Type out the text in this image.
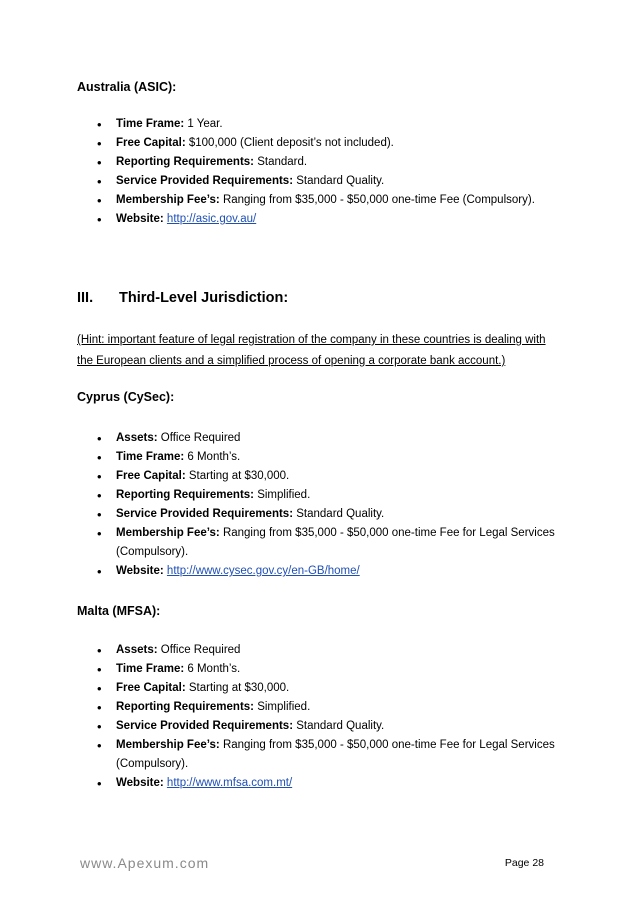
Australia (ASIC):
• Time Frame: 1 Year.
• Free Capital: $100,000 (Client deposit’s not included).
• Reporting Requirements: Standard.
• Service Provided Requirements: Standard Quality.
• Membership Fee’s: Ranging from $35,000 - $50,000 one-time Fee (Compulsory).
• Website: http://asic.gov.au/
III. Third-Level Jurisdiction:
(Hint: important feature of legal registration of the company in these countries is dealing with the European clients and a simplified process of opening a corporate bank account.)
Cyprus (CySec):
• Assets: Office Required
• Time Frame: 6 Month’s.
• Free Capital: Starting at $30,000.
• Reporting Requirements: Simplified.
• Service Provided Requirements: Standard Quality.
• Membership Fee’s: Ranging from $35,000 - $50,000 one-time Fee for Legal Services (Compulsory).
• Website: http://www.cysec.gov.cy/en-GB/home/
Malta (MFSA):
• Assets: Office Required
• Time Frame: 6 Month’s.
• Free Capital: Starting at $30,000.
• Reporting Requirements: Simplified.
• Service Provided Requirements: Standard Quality.
• Membership Fee’s: Ranging from $35,000 - $50,000 one-time Fee for Legal Services (Compulsory).
• Website: http://www.mfsa.com.mt/
www.Apexum.com	Page 28
